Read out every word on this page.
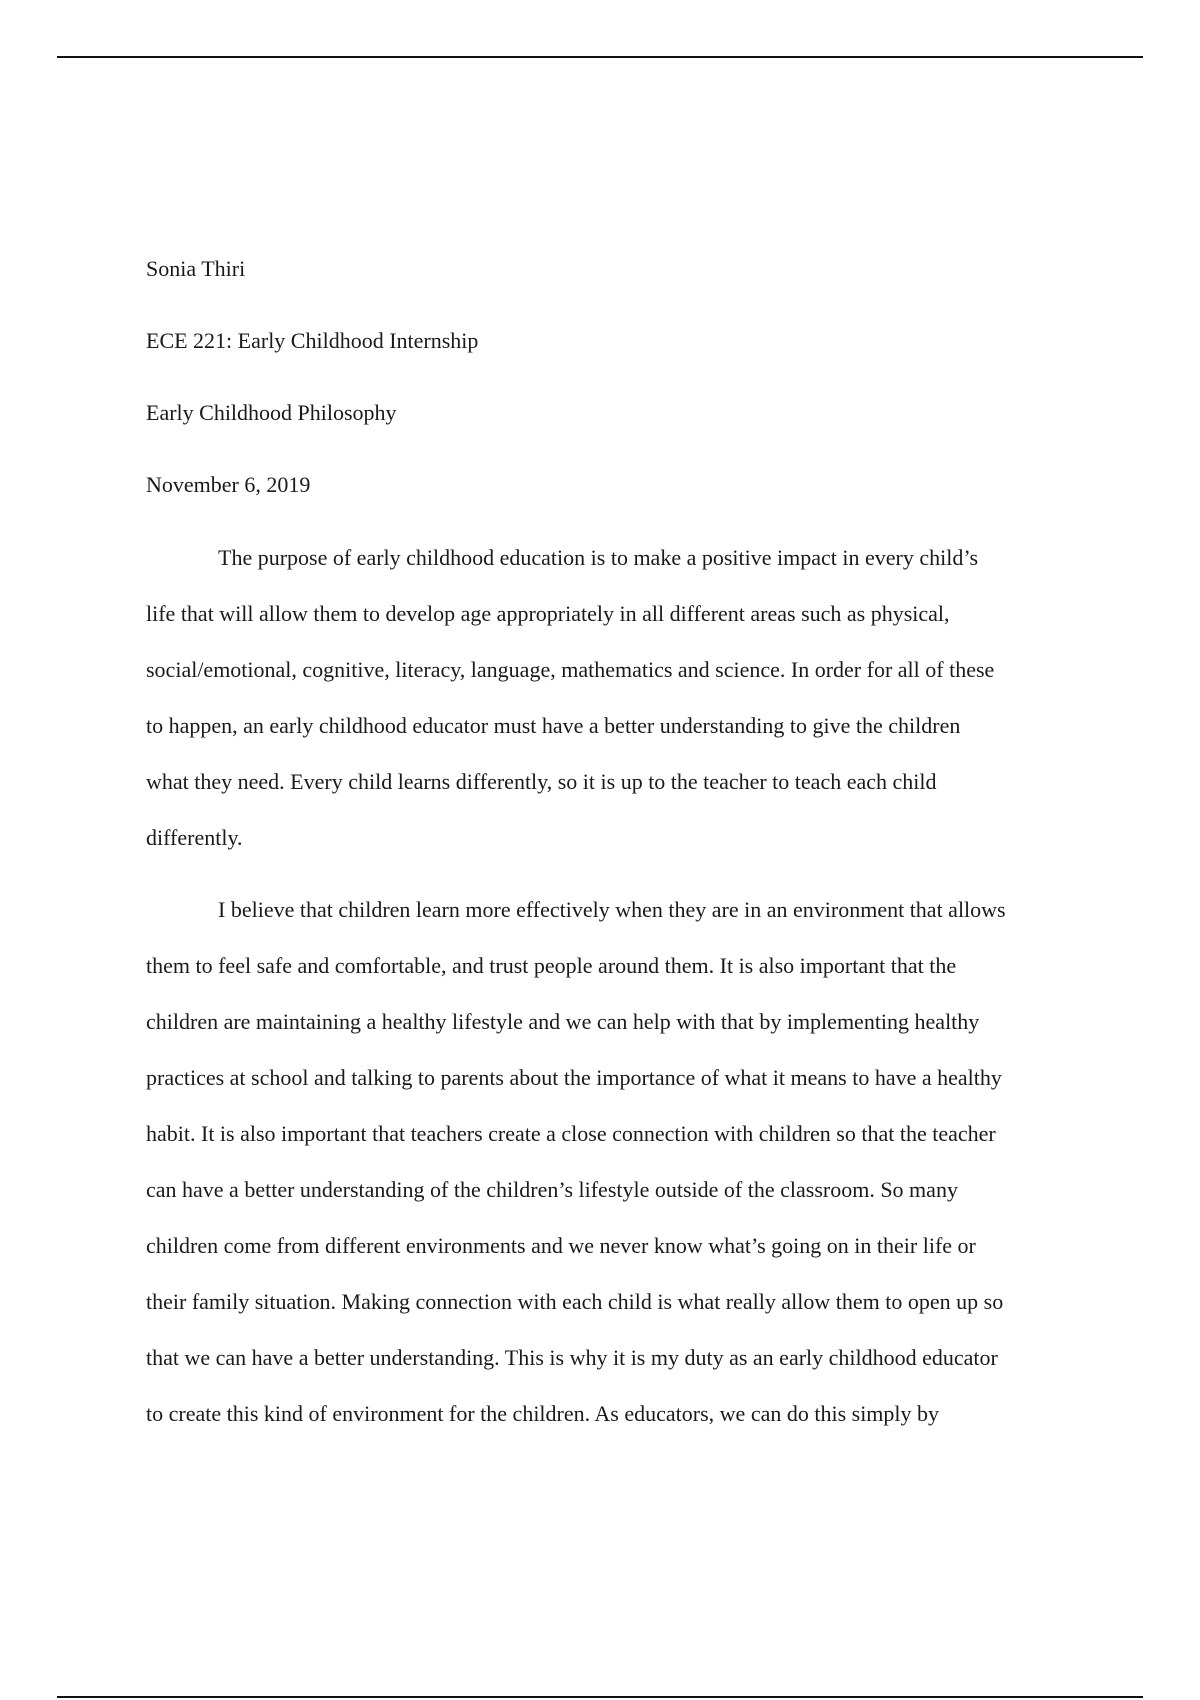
Sonia Thiri
ECE 221: Early Childhood Internship
Early Childhood Philosophy
November 6, 2019
The purpose of early childhood education is to make a positive impact in every child’s
life that will allow them to develop age appropriately in all different areas such as physical,
social/emotional, cognitive, literacy, language, mathematics and science. In order for all of these
to happen, an early childhood educator must have a better understanding to give the children
what they need. Every child learns differently, so it is up to the teacher to teach each child
differently.
I believe that children learn more effectively when they are in an environment that allows
them to feel safe and comfortable, and trust people around them. It is also important that the
children are maintaining a healthy lifestyle and we can help with that by implementing healthy
practices at school and talking to parents about the importance of what it means to have a healthy
habit. It is also important that teachers create a close connection with children so that the teacher
can have a better understanding of the children’s lifestyle outside of the classroom. So many
children come from different environments and we never know what’s going on in their life or
their family situation. Making connection with each child is what really allow them to open up so
that we can have a better understanding. This is why it is my duty as an early childhood educator
to create this kind of environment for the children. As educators, we can do this simply by
